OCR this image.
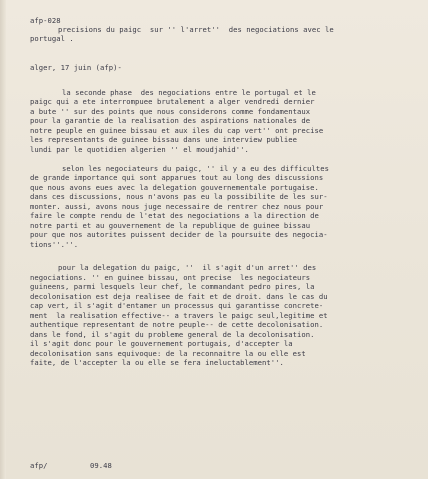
afp-028
precisions du paigc  sur '' l'arret''  des negociations avec le
portugal .
alger, 17 juin (afp)-
la seconde phase  des negociations entre le portugal et le
paigc qui a ete interrompuee brutalement a alger vendredi dernier
a bute '' sur des points que nous considerons comme fondamentaux
pour la garantie de la realisation des aspirations nationales de
notre peuple en guinee bissau et aux iles du cap vert'' ont precise
les representants de guinee bissau dans une interview publiee
lundi par le quotidien algerien '' el moudjahid''.
selon les negociateurs du paigc, '' il y a eu des difficultes
de grande importance qui sont apparues tout au long des discussions
que nous avons eues avec la delegation gouvernementale portugaise.
dans ces discussions, nous n'avons pas eu la possibilite de les sur-
monter. aussi, avons nous juge necessaire de rentrer chez nous pour
faire le compte rendu de l'etat des negociations a la direction de
notre parti et au gouvernement de la republique de guinee bissau
pour que nos autorites puissent decider de la poursuite des negocia-
tions''.''.
pour la delegation du paigc, ''  il s'agit d'un arret'' des
negociations. '' en guinee bissau, ont precise  les negociateurs
guineens, parmi lesquels leur chef, le commandant pedro pires, la
decolonisation est deja realisee de fait et de droit. dans le cas du
cap vert, il s'agit d'entamer un processus qui garantisse concrete-
ment  la realisation effective-- a travers le paigc seul,legitime et
authentique representant de notre peuple-- de cette decolonisation.
dans le fond, il s'agit du probleme general de la decolonisation.
il s'agit donc pour le gouvernement portugais, d'accepter la
decolonisation sans equivoque: de la reconnaitre la ou elle est
faite, de l'accepter la ou elle se fera ineluctablement''.
afp/	09.48
